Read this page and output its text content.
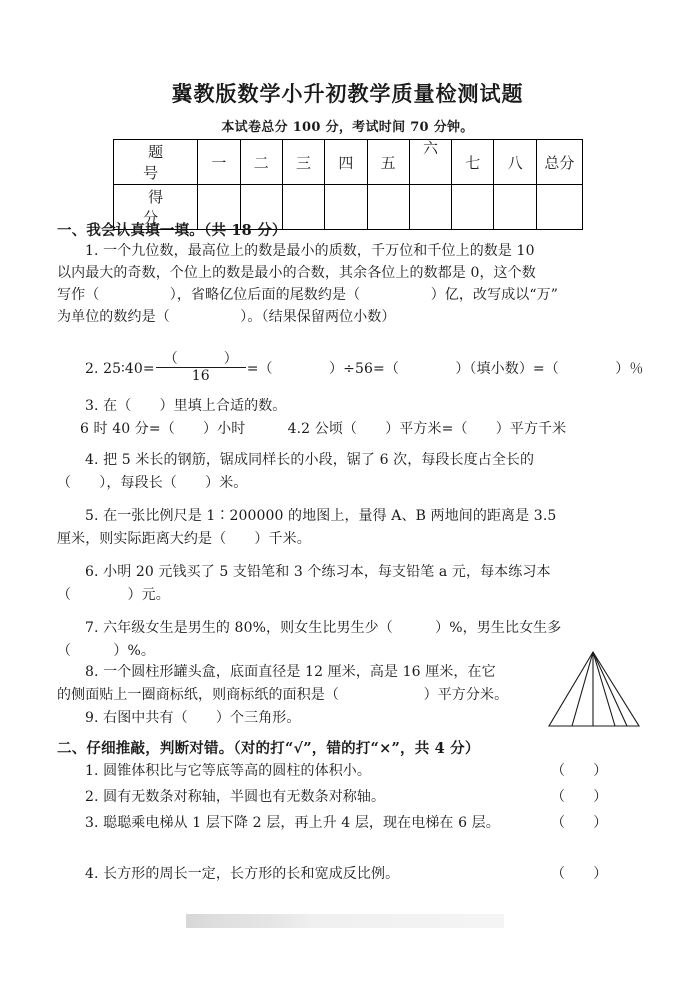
冀教版数学小升初教学质量检测试题
本试卷总分 100 分，考试时间 70 分钟。
题　号	一	二	三	四	五	六	七	八	总分
得　分									
一、我会认真填一填。（共 18 分）
1. 一个九位数，最高位上的数是最小的质数，千万位和千位上的数是 10
以内最大的奇数，个位上的数是最小的合数，其余各位上的数都是 0，这个数
写作（　　　　　），省略亿位后面的尾数约是（　　　　　）亿，改写成以“万”
为单位的数约是（　　　　　）。（结果保留两位小数）
2. 25∶40= $\frac{( )}{16}$ =（　　　　）÷56=（　　　　）（填小数）=（　　　　）％
3. 在（　　）里填上合适的数。
6 时 40 分=（　　）小时　　　4.2 公顷（　　）平方米=（　　）平方千米
4. 把 5 米长的钢筋，锯成同样长的小段，锯了 6 次，每段长度占全长的
（　　），每段长（　　）米。
5. 在一张比例尺是 1∶200000 的地图上，量得 A、B 两地间的距离是 3.5
厘米，则实际距离大约是（　　）千米。
6. 小明 20 元钱买了 5 支铅笔和 3 个练习本，每支铅笔 a 元，每本练习本
（　　　　）元。
7. 六年级女生是男生的 80%，则女生比男生少（　　　）%，男生比女生多
（　　　）%。
8. 一个圆柱形罐头盒，底面直径是 12 厘米，高是 16 厘米，在它
的侧面贴上一圈商标纸，则商标纸的面积是（　　　　　　）平方分米。
9. 右图中共有（　　）个三角形。
二、仔细推敲，判断对错。（对的打“√”，错的打“×”，共 4 分）
1. 圆锥体积比与它等底等高的圆柱的体积小。	（　　）
2. 圆有无数条对称轴，半圆也有无数条对称轴。	（　　）
3. 聪聪乘电梯从 1 层下降 2 层，再上升 4 层，现在电梯在 6 层。	（　　）
4. 长方形的周长一定，长方形的长和宽成反比例。	（　　）
